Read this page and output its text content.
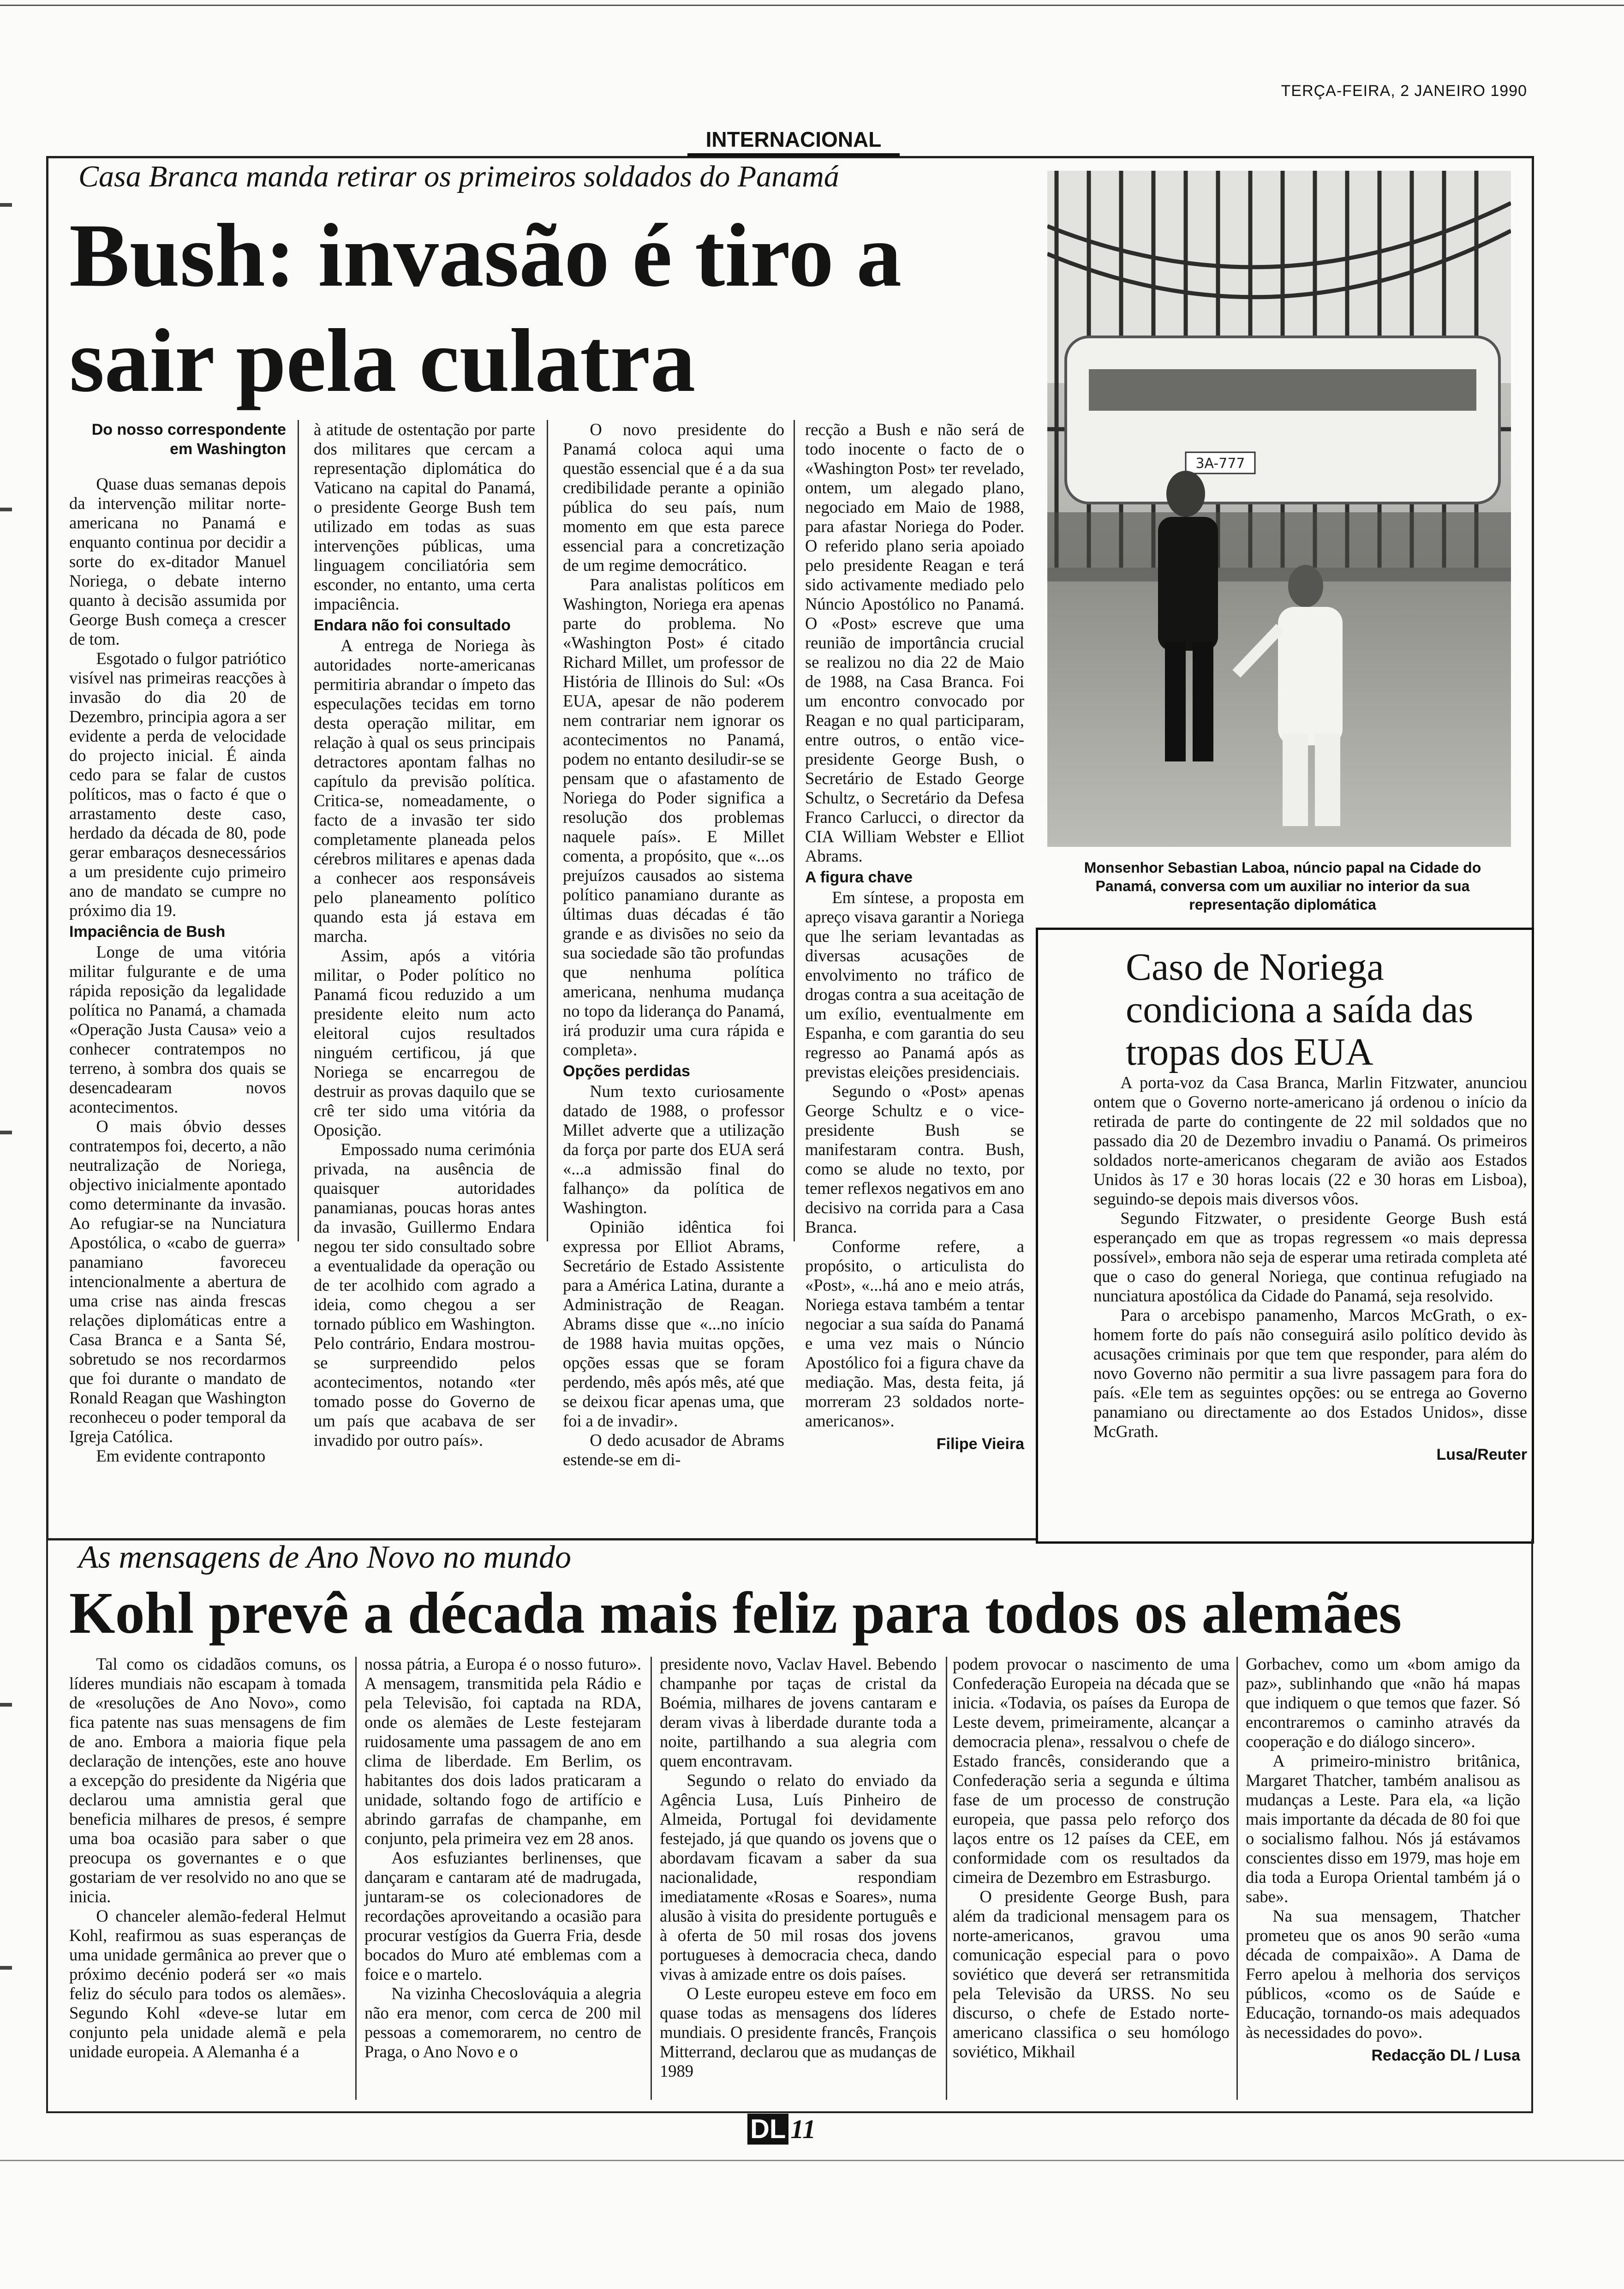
TERÇA-FEIRA, 2 JANEIRO 1990
INTERNACIONAL
Casa Branca manda retirar os primeiros soldados do Panamá
Bush: invasão é tiro a sair pela culatra
Do nosso correspondente em Washington

Quase duas semanas depois da intervenção militar norte-americana no Panamá e enquanto continua por decidir a sorte do ex-ditador Manuel Noriega, o debate interno quanto à decisão assumida por George Bush começa a crescer de tom.

Esgotado o fulgor patriótico visível nas primeiras reacções à invasão do dia 20 de Dezembro, principia agora a ser evidente a perda de velocidade do projecto inicial. É ainda cedo para se falar de custos políticos, mas o facto é que o arrastamento deste caso, herdado da década de 80, pode gerar embaraços desnecessários a um presidente cujo primeiro ano de mandato se cumpre no próximo dia 19.

Impaciência de Bush

Longe de uma vitória militar fulgurante e de uma rápida reposição da legalidade política no Panamá, a chamada «Operação Justa Causa» veio a conhecer contratempos no terreno, à sombra dos quais se desencadearam novos acontecimentos.

O mais óbvio desses contratempos foi, decerto, a não neutralização de Noriega, objectivo inicialmente apontado como determinante da invasão. Ao refugiar-se na Nunciatura Apostólica, o «cabo de guerra» panamiano favoreceu intencionalmente a abertura de uma crise nas ainda frescas relações diplomáticas entre a Casa Branca e a Santa Sé, sobretudo se nos recordarmos que foi durante o mandato de Ronald Reagan que Washington reconheceu o poder temporal da Igreja Católica.

Em evidente contraponto

à atitude de ostentação por parte dos militares que cercam a representação diplomática do Vaticano na capital do Panamá, o presidente George Bush tem utilizado em todas as suas intervenções públicas, uma linguagem conciliatória sem esconder, no entanto, uma certa impaciência.

Endara não foi consultado

A entrega de Noriega às autoridades norte-americanas permitiria abrandar o ímpeto das especulações tecidas em torno desta operação militar, em relação à qual os seus principais detractores apontam falhas no capítulo da previsão política. Critica-se, nomeadamente, o facto de a invasão ter sido completamente planeada pelos cérebros militares e apenas dada a conhecer aos responsáveis pelo planeamento político quando esta já estava em marcha.

Assim, após a vitória militar, o Poder político no Panamá ficou reduzido a um presidente eleito num acto eleitoral cujos resultados ninguém certificou, já que Noriega se encarregou de destruir as provas daquilo que se crê ter sido uma vitória da Oposição.

Empossado numa cerimónia privada, na ausência de quaisquer autoridades panamianas, poucas horas antes da invasão, Guillermo Endara negou ter sido consultado sobre a eventualidade da operação ou de ter acolhido com agrado a ideia, como chegou a ser tornado público em Washington. Pelo contrário, Endara mostrou-se surpreendido pelos acontecimentos, notando «ter tomado posse do Governo de um país que acabava de ser invadido por outro país».

O novo presidente do Panamá coloca aqui uma questão essencial que é a da sua credibilidade perante a opinião pública do seu país, num momento em que esta parece essencial para a concretização de um regime democrático.

Para analistas políticos em Washington, Noriega era apenas parte do problema. No «Washington Post» é citado Richard Millet, um professor de História de Illinois do Sul: «Os EUA, apesar de não poderem nem contrariar nem ignorar os acontecimentos no Panamá, podem no entanto desiludir-se se pensam que o afastamento de Noriega do Poder significa a resolução dos problemas naquele país». E Millet comenta, a propósito, que «...os prejuízos causados ao sistema político panamiano durante as últimas duas décadas é tão grande e as divisões no seio da sua sociedade são tão profundas que nenhuma política americana, nenhuma mudança no topo da liderança do Panamá, irá produzir uma cura rápida e completa».

Opções perdidas

Num texto curiosamente datado de 1988, o professor Millet adverte que a utilização da força por parte dos EUA será «...a admissão final do falhanço» da política de Washington.

Opinião idêntica foi expressa por Elliot Abrams, Secretário de Estado Assistente para a América Latina, durante a Administração de Reagan. Abrams disse que «...no início de 1988 havia muitas opções, opções essas que se foram perdendo, mês após mês, até que se deixou ficar apenas uma, que foi a de invadir».

O dedo acusador de Abrams estende-se em di-

recção a Bush e não será de todo inocente o facto de o «Washington Post» ter revelado, ontem, um alegado plano, negociado em Maio de 1988, para afastar Noriega do Poder. O referido plano seria apoiado pelo presidente Reagan e terá sido activamente mediado pelo Núncio Apostólico no Panamá. O «Post» escreve que uma reunião de importância crucial se realizou no dia 22 de Maio de 1988, na Casa Branca. Foi um encontro convocado por Reagan e no qual participaram, entre outros, o então vice-presidente George Bush, o Secretário de Estado George Schultz, o Secretário da Defesa Franco Carlucci, o director da CIA William Webster e Elliot Abrams.

A figura chave

Em síntese, a proposta em apreço visava garantir a Noriega que lhe seriam levantadas as diversas acusações de envolvimento no tráfico de drogas contra a sua aceitação de um exílio, eventualmente em Espanha, e com garantia do seu regresso ao Panamá após as previstas eleições presidenciais.

Segundo o «Post» apenas George Schultz e o vice-presidente Bush se manifestaram contra. Bush, como se alude no texto, por temer reflexos negativos em ano decisivo na corrida para a Casa Branca.

Conforme refere, a propósito, o articulista do «Post», «...há ano e meio atrás, Noriega estava também a tentar negociar a sua saída do Panamá e uma vez mais o Núncio Apostólico foi a figura chave da mediação. Mas, desta feita, já morreram 23 soldados norte-americanos».

Filipe Vieira
3A-777
Monsenhor Sebastian Laboa, núncio papal na Cidade do Panamá, conversa com um auxiliar no interior da sua representação diplomática
Caso de Noriega condiciona a saída das tropas dos EUA

A porta-voz da Casa Branca, Marlin Fitzwater, anunciou ontem que o Governo norte-americano já ordenou o início da retirada de parte do contingente de 22 mil soldados que no passado dia 20 de Dezembro invadiu o Panamá. Os primeiros soldados norte-americanos chegaram de avião aos Estados Unidos às 17 e 30 horas locais (22 e 30 horas em Lisboa), seguindo-se depois mais diversos vôos.

Segundo Fitzwater, o presidente George Bush está esperançado em que as tropas regressem «o mais depressa possível», embora não seja de esperar uma retirada completa até que o caso do general Noriega, que continua refugiado na nunciatura apostólica da Cidade do Panamá, seja resolvido.

Para o arcebispo panamenho, Marcos McGrath, o ex-homem forte do país não conseguirá asilo político devido às acusações criminais por que tem que responder, para além do novo Governo não permitir a sua livre passagem para fora do país. «Ele tem as seguintes opções: ou se entrega ao Governo panamiano ou directamente ao dos Estados Unidos», disse McGrath.

Lusa/Reuter
As mensagens de Ano Novo no mundo
Kohl prevê a década mais feliz para todos os alemães

Tal como os cidadãos comuns, os líderes mundiais não escapam à tomada de «resoluções de Ano Novo», como fica patente nas suas mensagens de fim de ano. Embora a maioria fique pela declaração de intenções, este ano houve a excepção do presidente da Nigéria que declarou uma amnistia geral que beneficia milhares de presos, é sempre uma boa ocasião para saber o que preocupa os governantes e o que gostariam de ver resolvido no ano que se inicia.

O chanceler alemão-federal Helmut Kohl, reafirmou as suas esperanças de uma unidade germânica ao prever que o próximo decénio poderá ser «o mais feliz do século para todos os alemães». Segundo Kohl «deve-se lutar em conjunto pela unidade alemã e pela unidade europeia. A Alemanha é a

nossa pátria, a Europa é o nosso futuro». A mensagem, transmitida pela Rádio e pela Televisão, foi captada na RDA, onde os alemães de Leste festejaram ruidosamente uma passagem de ano em clima de liberdade. Em Berlim, os habitantes dos dois lados praticaram a unidade, soltando fogo de artifício e abrindo garrafas de champanhe, em conjunto, pela primeira vez em 28 anos.

Aos esfuziantes berlinenses, que dançaram e cantaram até de madrugada, juntaram-se os colecionadores de recordações aproveitando a ocasião para procurar vestígios da Guerra Fria, desde bocados do Muro até emblemas com a foice e o martelo.

Na vizinha Checoslováquia a alegria não era menor, com cerca de 200 mil pessoas a comemorarem, no centro de Praga, o Ano Novo e o

presidente novo, Vaclav Havel. Bebendo champanhe por taças de cristal da Boémia, milhares de jovens cantaram e deram vivas à liberdade durante toda a noite, partilhando a sua alegria com quem encontravam.

Segundo o relato do enviado da Agência Lusa, Luís Pinheiro de Almeida, Portugal foi devidamente festejado, já que quando os jovens que o abordavam ficavam a saber da sua nacionalidade, respondiam imediatamente «Rosas e Soares», numa alusão à visita do presidente português e à oferta de 50 mil rosas dos jovens portugueses à democracia checa, dando vivas à amizade entre os dois países.

O Leste europeu esteve em foco em quase todas as mensagens dos líderes mundiais. O presidente francês, François Mitterrand, declarou que as mudanças de 1989

podem provocar o nascimento de uma Confederação Europeia na década que se inicia. «Todavia, os países da Europa de Leste devem, primeiramente, alcançar a democracia plena», ressalvou o chefe de Estado francês, considerando que a Confederação seria a segunda e última fase de um processo de construção europeia, que passa pelo reforço dos laços entre os 12 países da CEE, em conformidade com os resultados da cimeira de Dezembro em Estrasburgo.

O presidente George Bush, para além da tradicional mensagem para os norte-americanos, gravou uma comunicação especial para o povo soviético que deverá ser retransmitida pela Televisão da URSS. No seu discurso, o chefe de Estado norte-americano classifica o seu homólogo soviético, Mikhail

Gorbachev, como um «bom amigo da paz», sublinhando que «não há mapas que indiquem o que temos que fazer. Só encontraremos o caminho através da cooperação e do diálogo sincero».

A primeiro-ministro britânica, Margaret Thatcher, também analisou as mudanças a Leste. Para ela, «a lição mais importante da década de 80 foi que o socialismo falhou. Nós já estávamos conscientes disso em 1979, mas hoje em dia toda a Europa Oriental também já o sabe».

Na sua mensagem, Thatcher prometeu que os anos 90 serão «uma década de compaixão». A Dama de Ferro apelou à melhoria dos serviços públicos, «como os de Saúde e Educação, tornando-os mais adequados às necessidades do povo».

Redacção DL / Lusa
DL 11
